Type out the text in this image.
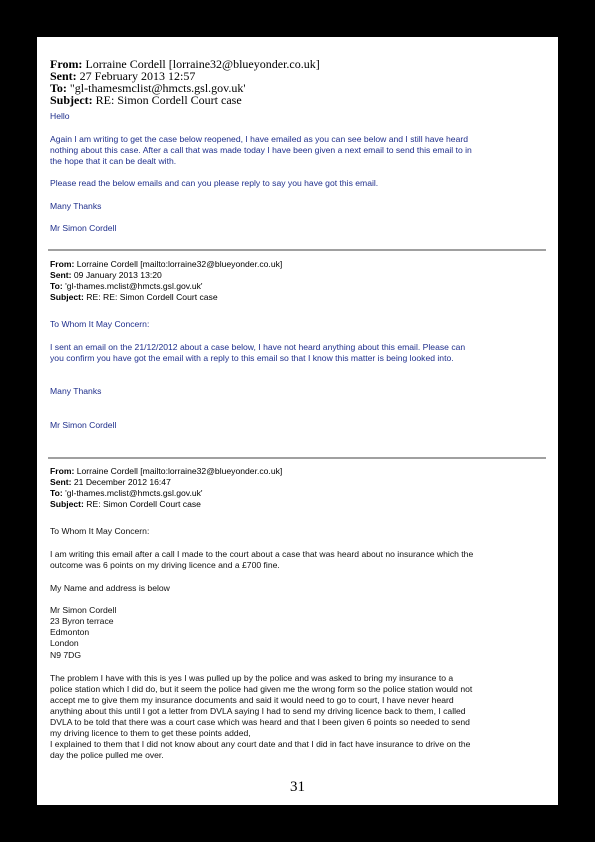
From: Lorraine Cordell [lorraine32@blueyonder.co.uk]
Sent: 27 February 2013 12:57
To: "gl-thamesmclist@hmcts.gsl.gov.uk'
Subject: RE: Simon Cordell Court case
Hello
Again I am writing to get the case below reopened, I have emailed as you can see below and I still have heard
nothing about this case. After a call that was made today I have been given a next email to send this email to in
the hope that it can be dealt with.
Please read the below emails and can you please reply to say you have got this email.
Many Thanks
Mr Simon Cordell
From: Lorraine Cordell [mailto:lorraine32@blueyonder.co.uk]
Sent: 09 January 2013 13:20
To: 'gl-thames.mclist@hmcts.gsl.gov.uk'
Subject: RE: RE: Simon Cordell Court case
To Whom It May Concern:
I sent an email on the 21/12/2012 about a case below, I have not heard anything about this email. Please can
you confirm you have got the email with a reply to this email so that I know this matter is being looked into.
Many Thanks
Mr Simon Cordell
From: Lorraine Cordell [mailto:lorraine32@blueyonder.co.uk]
Sent: 21 December 2012 16:47
To: 'gl-thames.mclist@hmcts.gsl.gov.uk'
Subject: RE: Simon Cordell Court case
To Whom It May Concern:
I am writing this email after a call I made to the court about a case that was heard about no insurance which the
outcome was 6 points on my driving licence and a £700 fine.
My Name and address is below
Mr Simon Cordell
23 Byron terrace
Edmonton
London
N9 7DG
The problem I have with this is yes I was pulled up by the police and was asked to bring my insurance to a
police station which I did do, but it seem the police had given me the wrong form so the police station would not
accept me to give them my insurance documents and said it would need to go to court, I have never heard
anything about this until I got a letter from DVLA saying I had to send my driving licence back to them, I called
DVLA to be told that there was a court case which was heard and that I been given 6 points so needed to send
my driving licence to them to get these points added,
I explained to them that I did not know about any court date and that I did in fact have insurance to drive on the
day the police pulled me over.
31
